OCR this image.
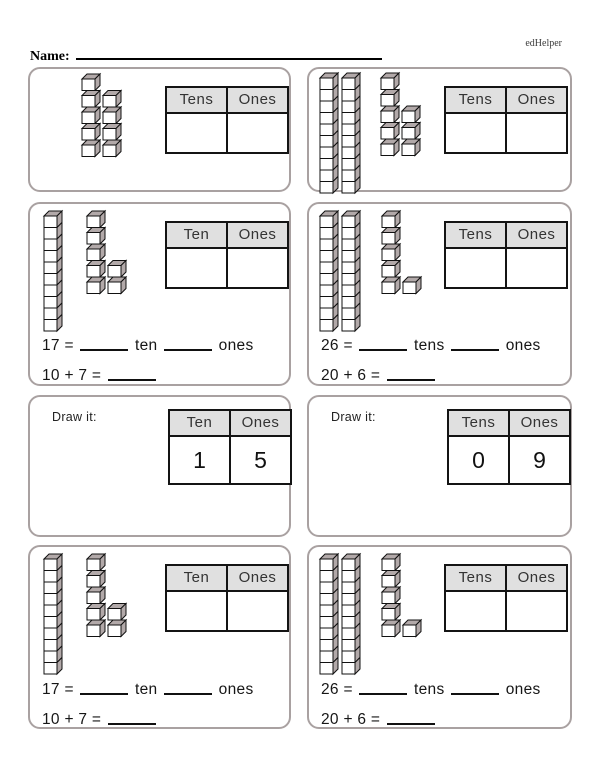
edHelper
Name:
Tens	Ones	Tens	Ones
Ten	Ones
17 =	ten	ones
10 + 7 =
Tens	Ones
26 =	tens	ones
20 + 6 =
Draw it:	Ten	Ones
1	5
Draw it:	Tens	Ones
0	9
Ten	Ones
17 =	ten	ones
10 + 7 =
Tens	Ones
26 =	tens	ones
20 + 6 =
